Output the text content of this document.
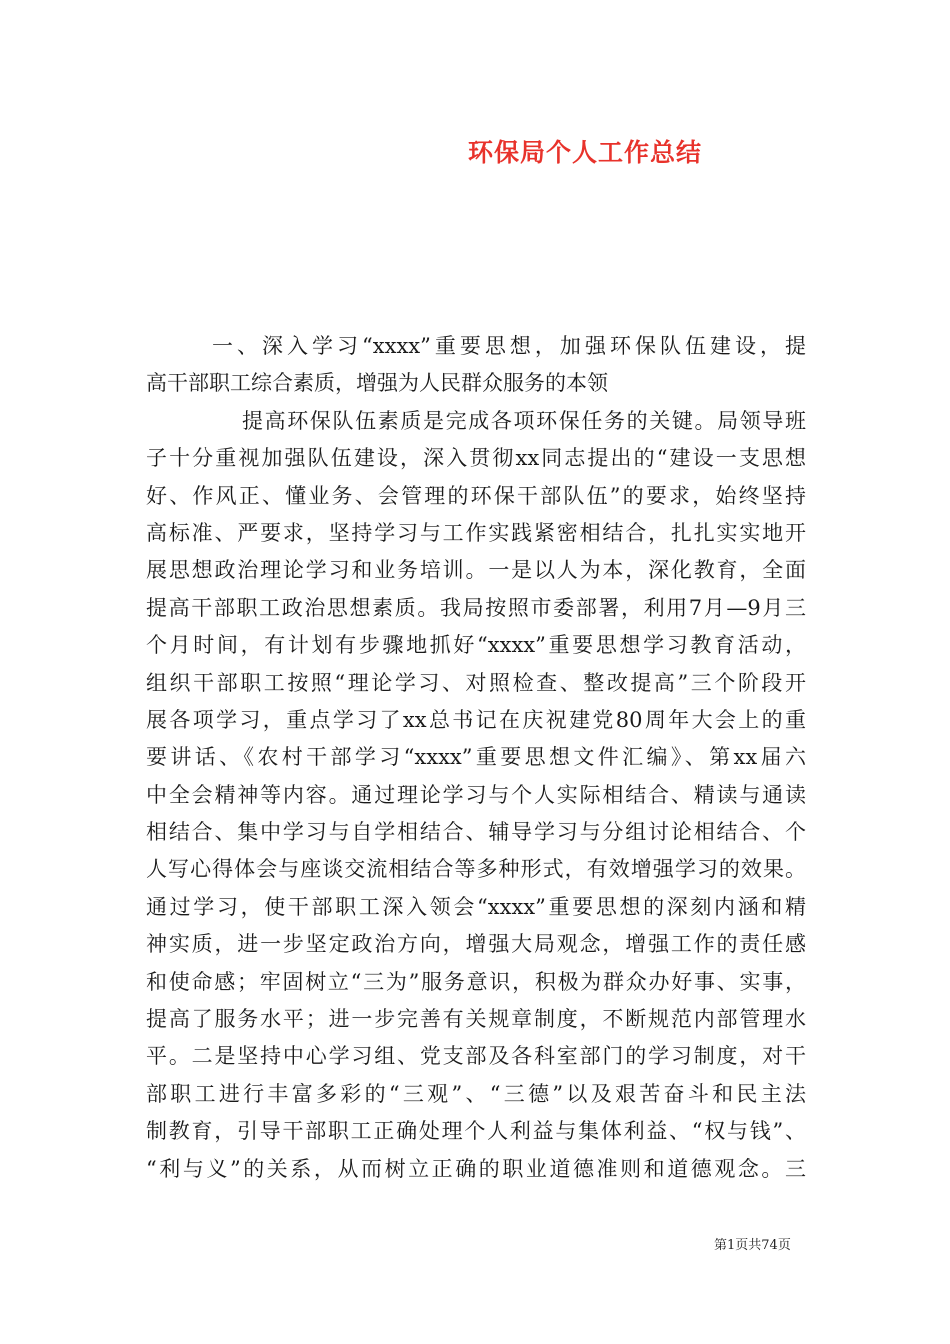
环保局个人工作总结
一、深入学习“xxxx”重要思想，加强环保队伍建设，提
高干部职工综合素质，增强为人民群众服务的本领
提高环保队伍素质是完成各项环保任务的关键。局领导班
子十分重视加强队伍建设，深入贯彻xx同志提出的“建设一支思想
好、作风正、懂业务、会管理的环保干部队伍”的要求，始终坚持
高标准、严要求，坚持学习与工作实践紧密相结合，扎扎实实地开
展思想政治理论学习和业务培训。一是以人为本，深化教育，全面
提高干部职工政治思想素质。我局按照市委部署，利用7月—9月三
个月时间，有计划有步骤地抓好“xxxx”重要思想学习教育活动，
组织干部职工按照“理论学习、对照检查、整改提高”三个阶段开
展各项学习，重点学习了xx总书记在庆祝建党80周年大会上的重
要讲话、《农村干部学习“xxxx”重要思想文件汇编》、第xx届六
中全会精神等内容。通过理论学习与个人实际相结合、精读与通读
相结合、集中学习与自学相结合、辅导学习与分组讨论相结合、个
人写心得体会与座谈交流相结合等多种形式，有效增强学习的效果。
通过学习，使干部职工深入领会“xxxx”重要思想的深刻内涵和精
神实质，进一步坚定政治方向，增强大局观念，增强工作的责任感
和使命感；牢固树立“三为”服务意识，积极为群众办好事、实事，
提高了服务水平；进一步完善有关规章制度，不断规范内部管理水
平。二是坚持中心学习组、党支部及各科室部门的学习制度，对干
部职工进行丰富多彩的“三观”、“三德”以及艰苦奋斗和民主法
制教育，引导干部职工正确处理个人利益与集体利益、“权与钱”、
“利与义”的关系，从而树立正确的职业道德准则和道德观念。三
第1页共74页
